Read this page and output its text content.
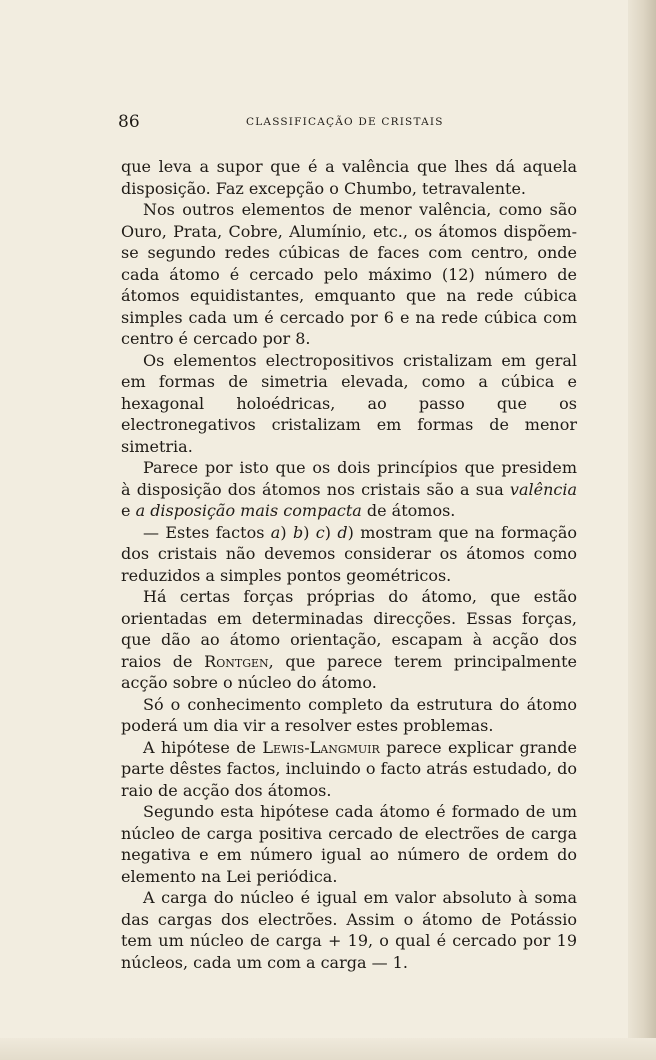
86	CLASSIFICAÇÃO DE CRISTAIS

que leva a supor que é a valência que lhes dá aquela disposição. Faz excepção o Chumbo, tetravalente.

Nos outros elementos de menor valência, como são Ouro, Prata, Cobre, Alumínio, etc., os átomos dispõem-se segundo redes cúbicas de faces com centro, onde cada átomo é cercado pelo máximo (12) número de átomos equidistantes, emquanto que na rede cúbica simples cada um é cercado por 6 e na rede cúbica com centro é cercado por 8.

Os elementos electropositivos cristalizam em geral em formas de simetria elevada, como a cúbica e hexagonal holoédricas, ao passo que os electronegativos cristalizam em formas de menor simetria.

Parece por isto que os dois princípios que presidem à disposição dos átomos nos cristais são a sua valência e a disposição mais compacta de átomos.

— Estes factos a) b) c) d) mostram que na formação dos cristais não devemos considerar os átomos como reduzidos a simples pontos geométricos.

Há certas forças próprias do átomo, que estão orientadas em determinadas direcções. Essas forças, que dão ao átomo orientação, escapam à acção dos raios de Rontgen, que parece terem principalmente acção sobre o núcleo do átomo.

Só o conhecimento completo da estrutura do átomo poderá um dia vir a resolver estes problemas.

A hipótese de Lewis-Langmuir parece explicar grande parte dêstes factos, incluindo o facto atrás estudado, do raio de acção dos átomos.

Segundo esta hipótese cada átomo é formado de um núcleo de carga positiva cercado de electrões de carga negativa e em número igual ao número de ordem do elemento na Lei periódica.

A carga do núcleo é igual em valor absoluto à soma das cargas dos electrões. Assim o átomo de Potássio tem um núcleo de carga + 19, o qual é cercado por 19 núcleos, cada um com a carga — 1.
